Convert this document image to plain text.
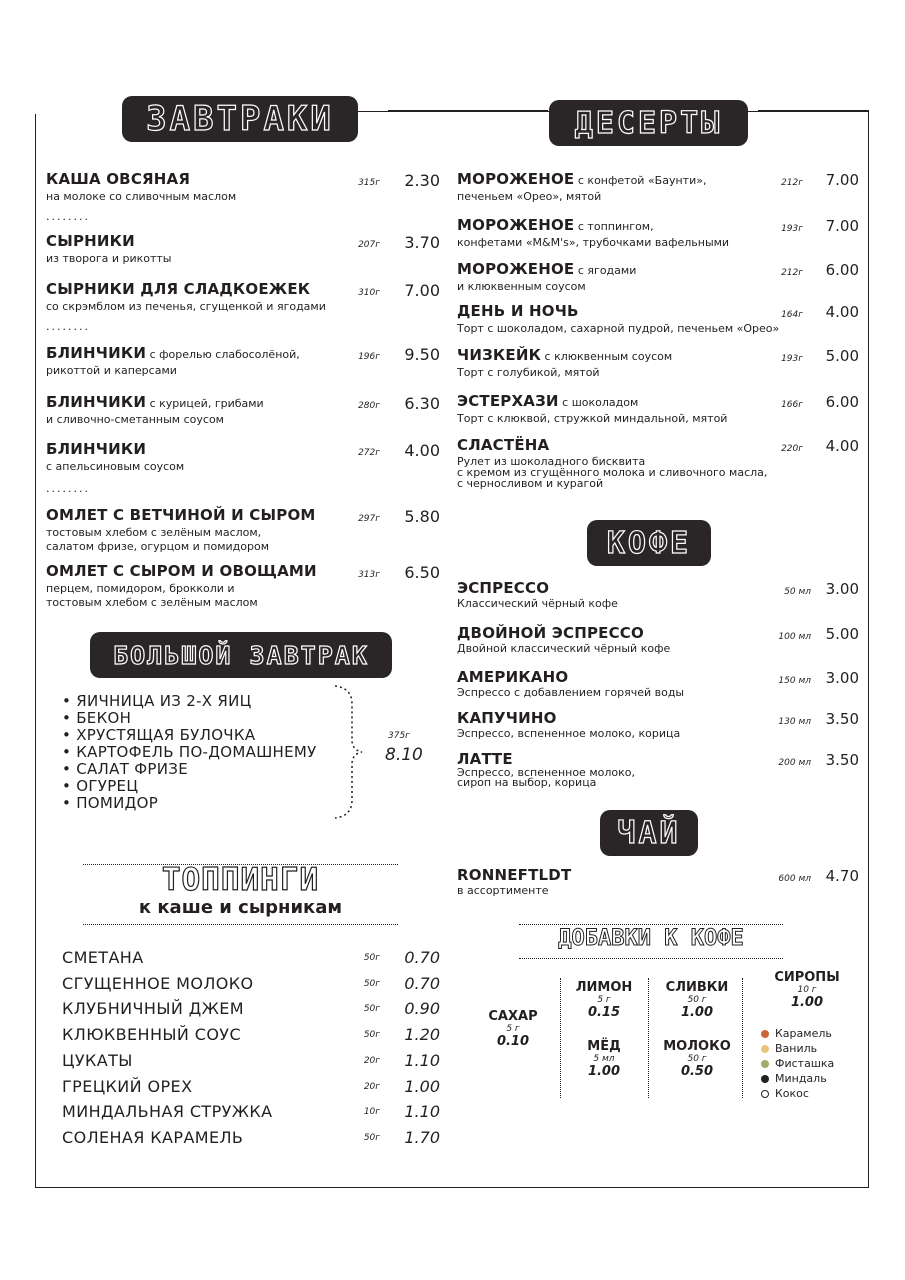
ЗАВТРАКИ
КАША ОВСЯНАЯ
на молоке со сливочным маслом
315г 2.30
СЫРНИКИ
из творога и рикотты
207г 3.70
СЫРНИКИ ДЛЯ СЛАДКОЕЖЕК
со скрэмблом из печенья, сгущенкой и ягодами
310г 7.00
БЛИНЧИКИ с форелью слабосолёной,
рикоттой и каперсами
196г 9.50
БЛИНЧИКИ с курицей, грибами
и сливочно-сметанным соусом
280г 6.30
БЛИНЧИКИ
с апельсиновым соусом
272г 4.00
ОМЛЕТ С ВЕТЧИНОЙ И СЫРОМ
тостовым хлебом с зелёным маслом,
салатом фризе, огурцом и помидором
297г 5.80
ОМЛЕТ С СЫРОМ И ОВОЩАМИ
перцем, помидором, брокколи и
тостовым хлебом с зелёным маслом
313г 6.50
........
........
........
БОЛЬШОЙ ЗАВТРАК
• ЯИЧНИЦА ИЗ 2-Х ЯИЦ
• БЕКОН
• ХРУСТЯЩАЯ БУЛОЧКА
• КАРТОФЕЛЬ ПО-ДОМАШНЕМУ
• САЛАТ ФРИЗЕ
• ОГУРЕЦ
• ПОМИДОР
375г
8.10
ТОППИНГИ
к каше и сырникам
СМЕТАНА	50г 0.70
СГУЩЕННОЕ МОЛОКО	50г 0.70
КЛУБНИЧНЫЙ ДЖЕМ	50г 0.90
КЛЮКВЕННЫЙ СОУС	50г 1.20
ЦУКАТЫ	20г 1.10
ГРЕЦКИЙ ОРЕХ	20г 1.00
МИНДАЛЬНАЯ СТРУЖКА	10г 1.10
СОЛЕНАЯ КАРАМЕЛЬ	50г 1.70
ДЕСЕРТЫ
МОРОЖЕНОЕ с конфетой «Баунти»,
печеньем «Орео», мятой
212г 7.00
МОРОЖЕНОЕ с топпингом,
конфетами «M&M's», трубочками вафельными
193г 7.00
МОРОЖЕНОЕ с ягодами
и клюквенным соусом
212г 6.00
ДЕНЬ И НОЧЬ
Торт с шоколадом, сахарной пудрой, печеньем «Орео»
164г 4.00
ЧИЗКЕЙК с клюквенным соусом
Торт с голубикой, мятой
193г 5.00
ЭСТЕРХАЗИ с шоколадом
Торт с клюквой, стружкой миндальной, мятой
166г 6.00
СЛАСТЁНА
Рулет из шоколадного бисквита
с кремом из сгущённого молока и сливочного масла,
с черносливом и курагой
220г 4.00
КОФЕ
ЭСПРЕССО
Классический чёрный кофе
50 мл 3.00
ДВОЙНОЙ ЭСПРЕССО
Двойной классический чёрный кофе
100 мл 5.00
АМЕРИКАНО
Эспрессо с добавлением горячей воды
150 мл 3.00
КАПУЧИНО
Эспрессо, вспененное молоко, корица
130 мл 3.50
ЛАТТЕ
Эспрессо, вспененное молоко,
сироп на выбор, корица
200 мл 3.50
ЧАЙ
RONNEFTLDT
в ассортименте
600 мл 4.70
ДОБАВКИ К КОФЕ
САХАР
5 г
0.10
ЛИМОН
5 г
0.15
МЁД
5 мл
1.00
СЛИВКИ
50 г
1.00
МОЛОКО
50 г
0.50
СИРОПЫ
10 г
1.00
Карамель
Ваниль
Фисташка
Миндаль
Кокос
